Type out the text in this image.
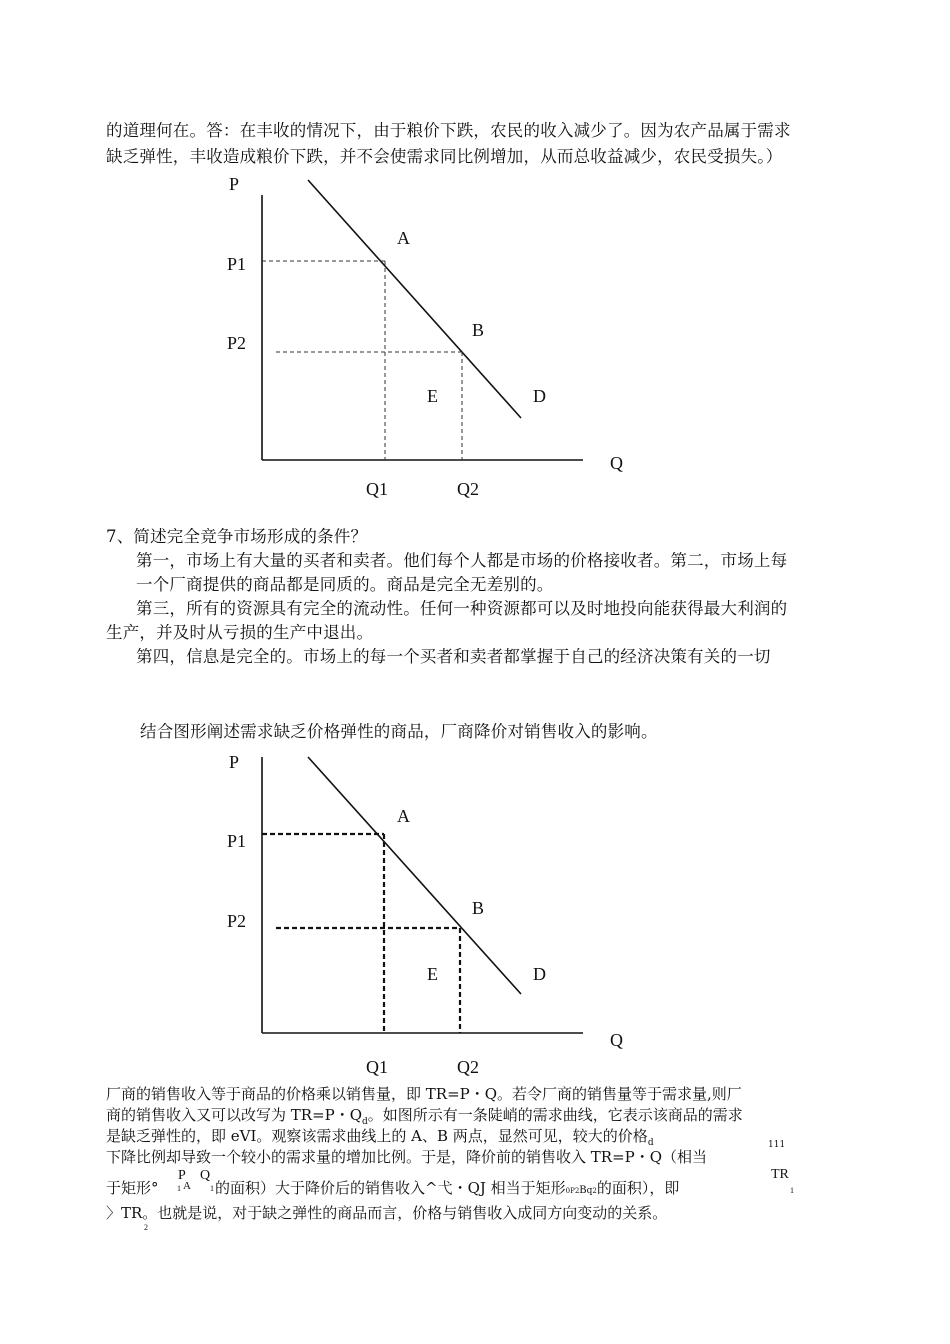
的道理何在。答：在丰收的情况下，由于粮价下跌，农民的收入减少了。因为农产品属于需求

缺乏弹性，丰收造成粮价下跌，并不会使需求同比例增加，从而总收益减少，农民受损失。）

P
P1
P2
A
B
E	D
Q
Q1	Q2

7、简述完全竞争市场形成的条件？

第一，市场上有大量的买者和卖者。他们每个人都是市场的价格接收者。第二，市场上每

一个厂商提供的商品都是同质的。商品是完全无差别的。

第三，所有的资源具有完全的流动性。任何一种资源都可以及时地投向能获得最大利润的

生产，并及时从亏损的生产中退出。

第四，信息是完全的。市场上的每一个买者和卖者都掌握于自己的经济决策有关的一切

结合图形阐述需求缺乏价格弹性的商品，厂商降价对销售收入的影响。

P
P1
P2
A
B
E	D
Q
Q1	Q2

厂商的销售收入等于商品的价格乘以销售量，即 TR=P・Q。若令厂商的销售量等于需求量,则厂

商的销售收入又可以改写为 TR=P・$Q_d$。如图所示有一条陡峭的需求曲线，它表示该商品的需求

是缺乏弹性的，即 eVI。观察该需求曲线上的 A、B 两点，显然可见，较大的价格$_d$

下降比例却导致一个较小的需求量的增加比例。于是，降价前的销售收入 TR=P・Q（相当

111

于矩形°

P
1 A
Q
1 的面积）大于降价后的销售收入^弋・QJ 相当于矩形0P2Bq2的面积），即

TR
1

〉TR。也就是说，对于缺之弹性的商品而言，价格与销售收入成同方向变动的关系。

2
